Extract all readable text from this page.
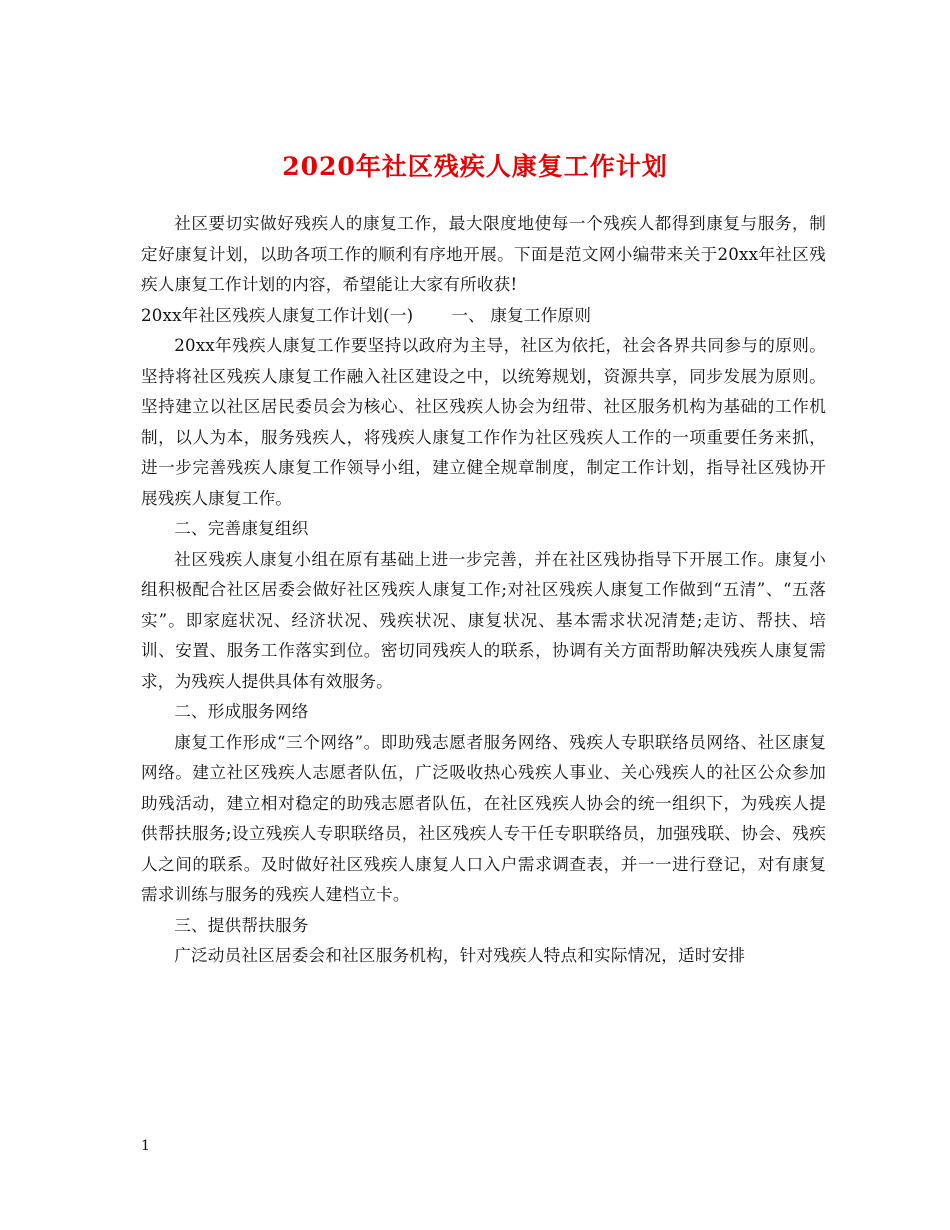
2020年社区残疾人康复工作计划

社区要切实做好残疾人的康复工作，最大限度地使每一个残疾人都得到康复与服务，制定好康复计划，以助各项工作的顺利有序地开展。下面是范文网小编带来关于20xx年社区残疾人康复工作计划的内容，希望能让大家有所收获!

20xx年社区残疾人康复工作计划(一) 一、 康复工作原则

20xx年残疾人康复工作要坚持以政府为主导，社区为依托，社会各界共同参与的原则。坚持将社区残疾人康复工作融入社区建设之中，以统筹规划，资源共享，同步发展为原则。坚持建立以社区居民委员会为核心、社区残疾人协会为纽带、社区服务机构为基础的工作机制，以人为本，服务残疾人，将残疾人康复工作作为社区残疾人工作的一项重要任务来抓，进一步完善残疾人康复工作领导小组，建立健全规章制度，制定工作计划，指导社区残协开展残疾人康复工作。

二、完善康复组织

社区残疾人康复小组在原有基础上进一步完善，并在社区残协指导下开展工作。康复小组积极配合社区居委会做好社区残疾人康复工作;对社区残疾人康复工作做到“五清”、“五落实”。即家庭状况、经济状况、残疾状况、康复状况、基本需求状况清楚;走访、帮扶、培训、安置、服务工作落实到位。密切同残疾人的联系，协调有关方面帮助解决残疾人康复需求，为残疾人提供具体有效服务。

二、形成服务网络

康复工作形成“三个网络”。即助残志愿者服务网络、残疾人专职联络员网络、社区康复网络。建立社区残疾人志愿者队伍，广泛吸收热心残疾人事业、关心残疾人的社区公众参加助残活动，建立相对稳定的助残志愿者队伍，在社区残疾人协会的统一组织下，为残疾人提供帮扶服务;设立残疾人专职联络员，社区残疾人专干任专职联络员，加强残联、协会、残疾人之间的联系。及时做好社区残疾人康复人口入户需求调查表，并一一进行登记，对有康复需求训练与服务的残疾人建档立卡。

三、提供帮扶服务

广泛动员社区居委会和社区服务机构，针对残疾人特点和实际情况，适时安排

1
